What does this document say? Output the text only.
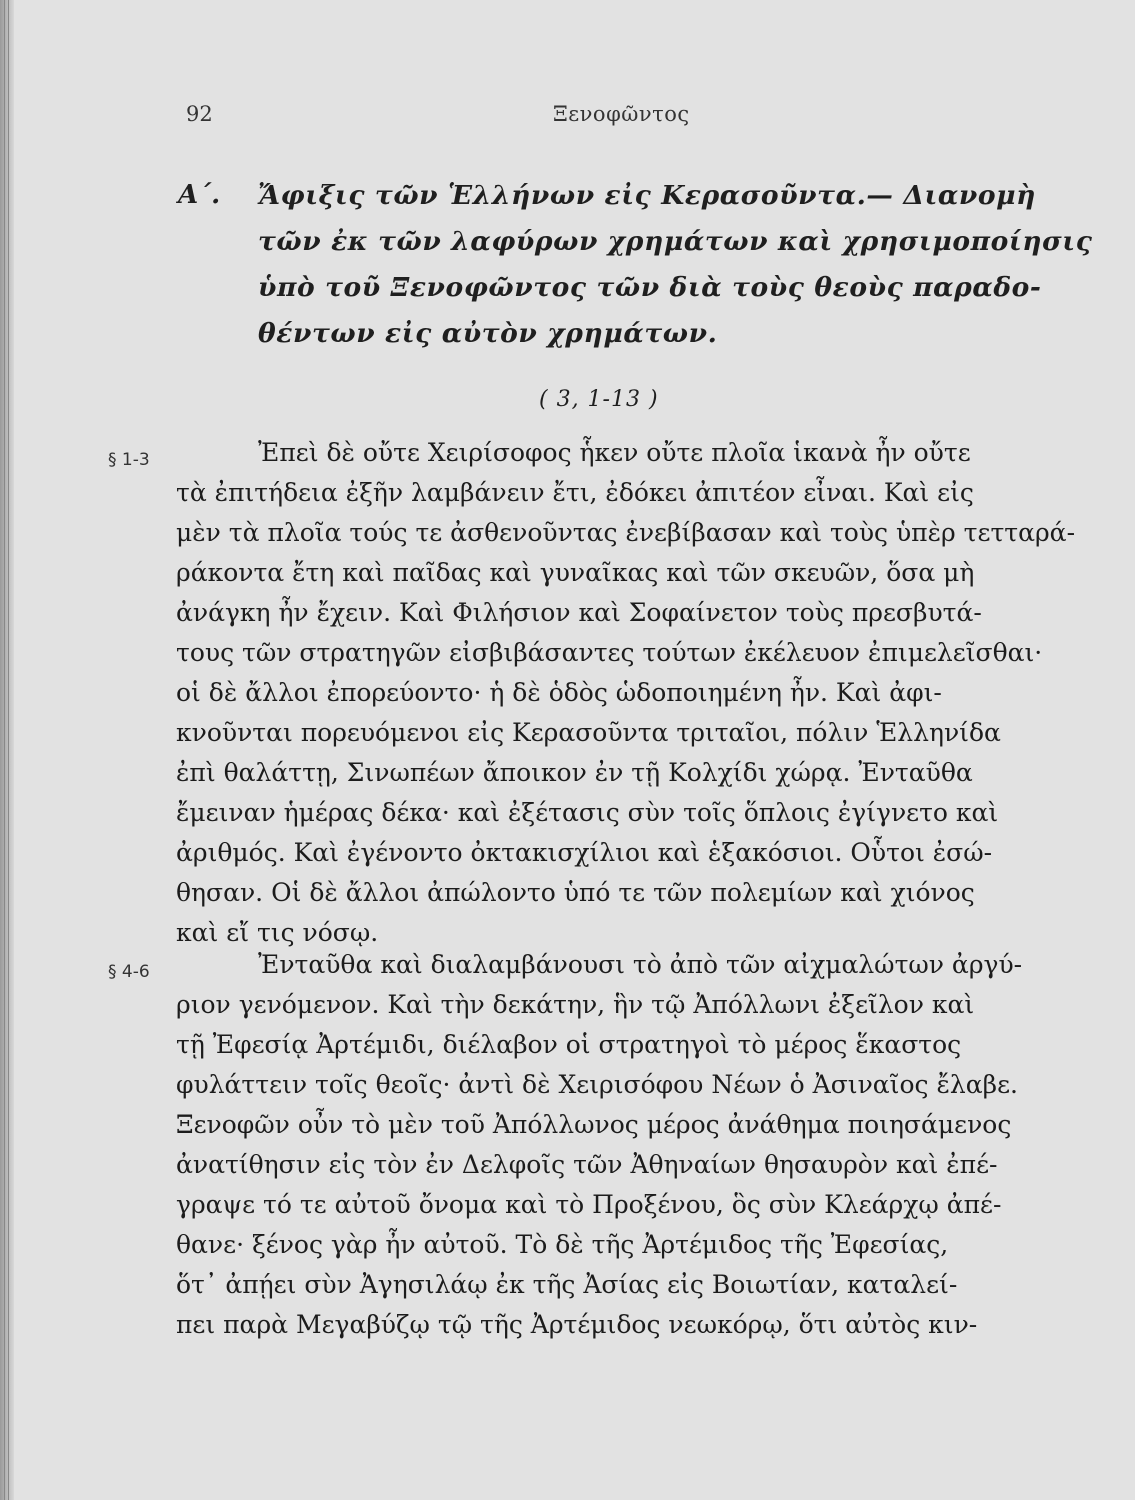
92	Ξενοφῶντος
Α΄. Ἄφιξις τῶν Ἑλλήνων εἰς Κερασοῦντα.— Διανομὴ
τῶν ἐκ τῶν λαφύρων χρημάτων καὶ χρησιμοποίησις
ὑπὸ τοῦ Ξενοφῶντος τῶν διὰ τοὺς θεοὺς παραδο-
θέντων εἰς αὐτὸν χρημάτων.
( 3, 1-13 )
§ 1-3	Ἐπεὶ δὲ οὔτε Χειρίσοφος ἧκεν οὔτε πλοῖα ἱκανὰ ἦν οὔτε
τὰ ἐπιτήδεια ἐξῆν λαμβάνειν ἔτι, ἐδόκει ἀπιτέον εἶναι. Καὶ εἰς
μὲν τὰ πλοῖα τούς τε ἀσθενοῦντας ἐνεβίβασαν καὶ τοὺς ὑπὲρ τετταρά-
ράκοντα ἔτη καὶ παῖδας καὶ γυναῖκας καὶ τῶν σκευῶν, ὅσα μὴ
ἀνάγκη ἦν ἔχειν. Καὶ Φιλήσιον καὶ Σοφαίνετον τοὺς πρεσβυτά-
τους τῶν στρατηγῶν εἰσβιβάσαντες τούτων ἐκέλευον ἐπιμελεῖσθαι·
οἱ δὲ ἄλλοι ἐπορεύοντο· ἡ δὲ ὁδὸς ὡδοποιημένη ἦν. Καὶ ἀφι-
κνοῦνται πορευόμενοι εἰς Κερασοῦντα τριταῖοι, πόλιν Ἑλληνίδα
ἐπὶ θαλάττῃ, Σινωπέων ἄποικον ἐν τῇ Κολχίδι χώρᾳ. Ἐνταῦθα
ἔμειναν ἡμέρας δέκα· καὶ ἐξέτασις σὺν τοῖς ὅπλοις ἐγίγνετο καὶ
ἀριθμός. Καὶ ἐγένοντο ὀκτακισχίλιοι καὶ ἑξακόσιοι. Οὗτοι ἐσώ-
θησαν. Οἱ δὲ ἄλλοι ἀπώλοντο ὑπό τε τῶν πολεμίων καὶ χιόνος
καὶ εἴ τις νόσῳ.
§ 4-6	Ἐνταῦθα καὶ διαλαμβάνουσι τὸ ἀπὸ τῶν αἰχμαλώτων ἀργύ-
ριον γενόμενον. Καὶ τὴν δεκάτην, ἣν τῷ Ἀπόλλωνι ἐξεῖλον καὶ
τῇ Ἐφεσίᾳ Ἀρτέμιδι, διέλαβον οἱ στρατηγοὶ τὸ μέρος ἕκαστος
φυλάττειν τοῖς θεοῖς· ἀντὶ δὲ Χειρισόφου Νέων ὁ Ἀσιναῖος ἔλαβε.
Ξενοφῶν οὖν τὸ μὲν τοῦ Ἀπόλλωνος μέρος ἀνάθημα ποιησάμενος
ἀνατίθησιν εἰς τὸν ἐν Δελφοῖς τῶν Ἀθηναίων θησαυρὸν καὶ ἐπέ-
γραψε τό τε αὐτοῦ ὄνομα καὶ τὸ Προξένου, ὃς σὺν Κλεάρχῳ ἀπέ-
θανε· ξένος γὰρ ἦν αὐτοῦ. Τὸ δὲ τῆς Ἀρτέμιδος τῆς Ἐφεσίας,
ὅτ᾽ ἀπῄει σὺν Ἀγησιλάῳ ἐκ τῆς Ἀσίας εἰς Βοιωτίαν, καταλεί-
πει παρὰ Μεγαβύζῳ τῷ τῆς Ἀρτέμιδος νεωκόρῳ, ὅτι αὐτὸς κιν-
